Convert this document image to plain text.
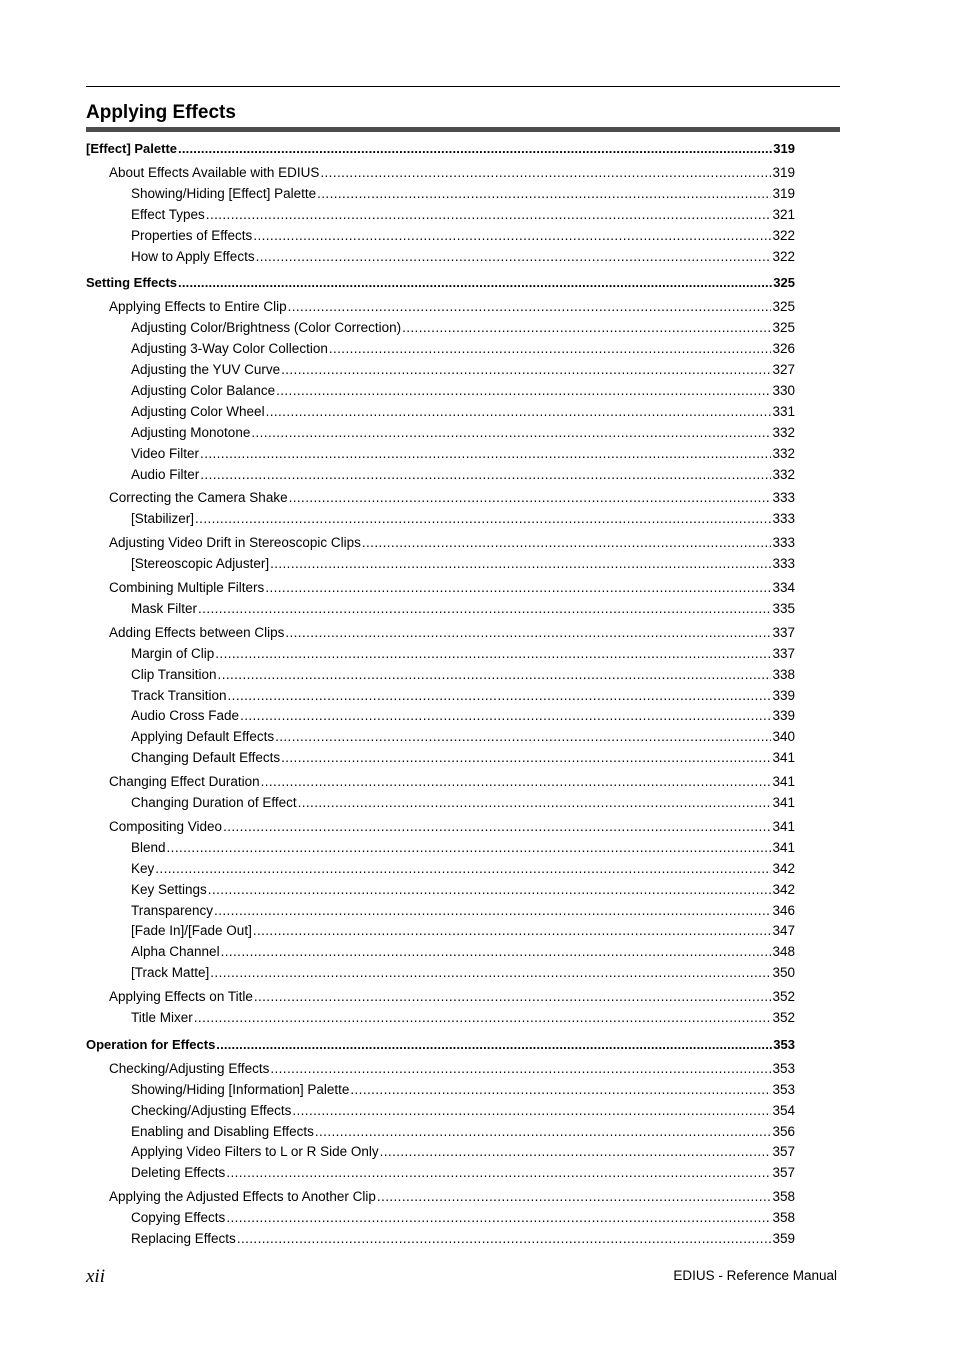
Applying Effects
[Effect] Palette .....	319
About Effects Available with EDIUS .....	319
Showing/Hiding [Effect] Palette .....	319
Effect Types .....	321
Properties of Effects .....	322
How to Apply Effects .....	322
Setting Effects .....	325
Applying Effects to Entire Clip .....	325
Adjusting Color/Brightness (Color Correction) .....	325
Adjusting 3-Way Color Collection .....	326
Adjusting the YUV Curve .....	327
Adjusting Color Balance .....	330
Adjusting Color Wheel .....	331
Adjusting Monotone .....	332
Video Filter .....	332
Audio Filter .....	332
Correcting the Camera Shake .....	333
[Stabilizer] .....	333
Adjusting Video Drift in Stereoscopic Clips .....	333
[Stereoscopic Adjuster] .....	333
Combining Multiple Filters .....	334
Mask Filter .....	335
Adding Effects between Clips .....	337
Margin of Clip .....	337
Clip Transition .....	338
Track Transition .....	339
Audio Cross Fade .....	339
Applying Default Effects .....	340
Changing Default Effects .....	341
Changing Effect Duration .....	341
Changing Duration of Effect .....	341
Compositing Video .....	341
Blend .....	341
Key .....	342
Key Settings .....	342
Transparency .....	346
[Fade In]/[Fade Out] .....	347
Alpha Channel .....	348
[Track Matte] .....	350
Applying Effects on Title .....	352
Title Mixer .....	352
Operation for Effects .....	353
Checking/Adjusting Effects .....	353
Showing/Hiding [Information] Palette .....	353
Checking/Adjusting Effects .....	354
Enabling and Disabling Effects .....	356
Applying Video Filters to L or R Side Only .....	357
Deleting Effects .....	357
Applying the Adjusted Effects to Another Clip .....	358
Copying Effects .....	358
Replacing Effects .....	359
xii	EDIUS - Reference Manual
